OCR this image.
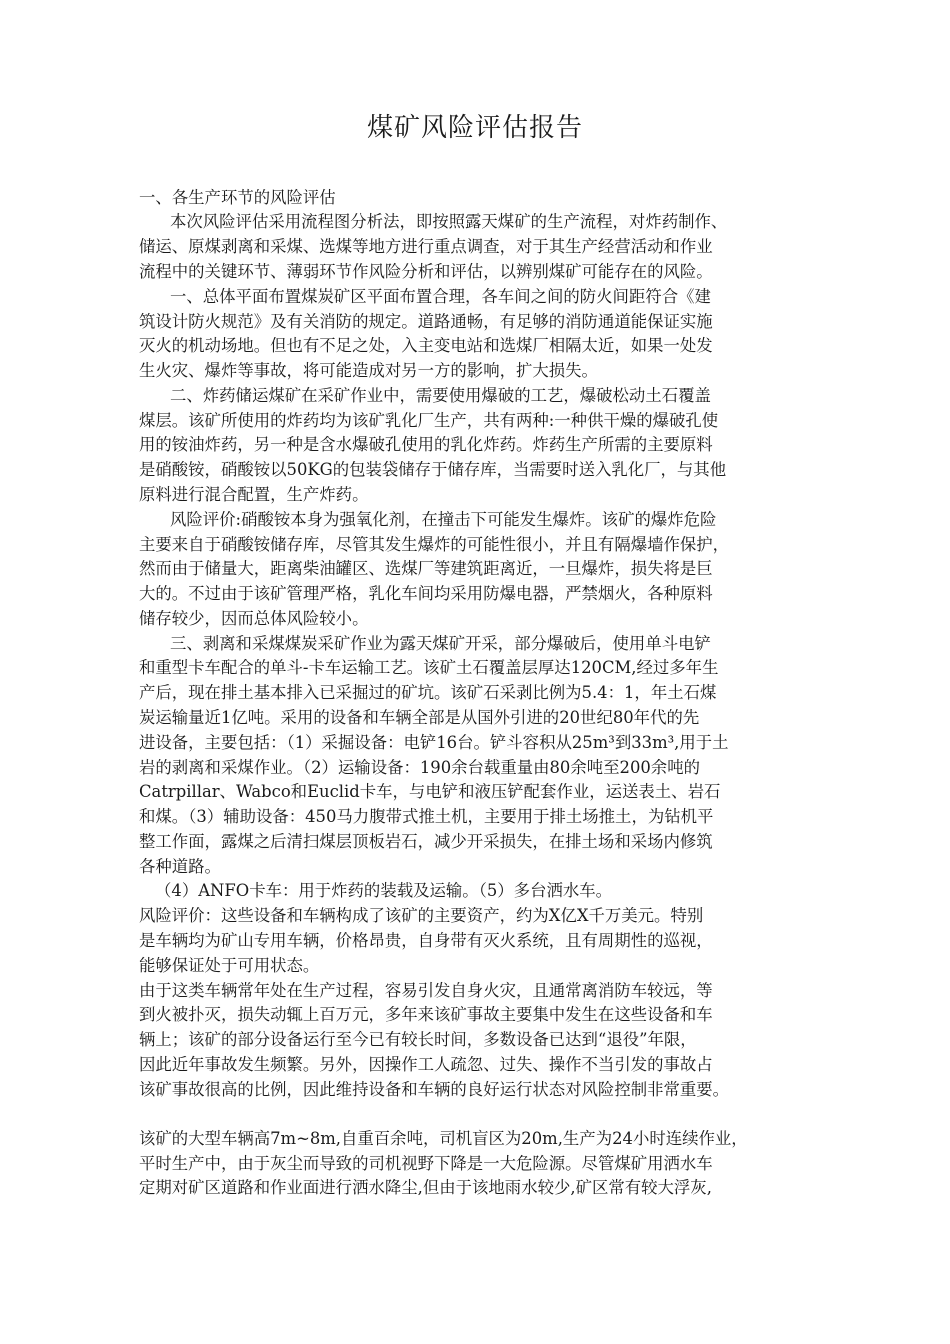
煤矿风险评估报告

一、各生产环节的风险评估

本次风险评估采用流程图分析法，即按照露天煤矿的生产流程，对炸药制作、

储运、原煤剥离和采煤、选煤等地方进行重点调查，对于其生产经营活动和作业

流程中的关键环节、薄弱环节作风险分析和评估，以辨别煤矿可能存在的风险。

一、总体平面布置煤炭矿区平面布置合理，各车间之间的防火间距符合《建

筑设计防火规范》及有关消防的规定。道路通畅，有足够的消防通道能保证实施

灭火的机动场地。但也有不足之处，入主变电站和选煤厂相隔太近，如果一处发

生火灾、爆炸等事故，将可能造成对另一方的影响，扩大损失。

二、炸药储运煤矿在采矿作业中，需要使用爆破的工艺，爆破松动土石覆盖

煤层。该矿所使用的炸药均为该矿乳化厂生产，共有两种:一种供干燥的爆破孔使

用的铵油炸药，另一种是含水爆破孔使用的乳化炸药。炸药生产所需的主要原料

是硝酸铵，硝酸铵以50KG的包装袋储存于储存库，当需要时送入乳化厂，与其他

原料进行混合配置，生产炸药。

风险评价:硝酸铵本身为强氧化剂，在撞击下可能发生爆炸。该矿的爆炸危险

主要来自于硝酸铵储存库，尽管其发生爆炸的可能性很小，并且有隔爆墙作保护，

然而由于储量大，距离柴油罐区、选煤厂等建筑距离近，一旦爆炸，损失将是巨

大的。不过由于该矿管理严格，乳化车间均采用防爆电器，严禁烟火，各种原料

储存较少，因而总体风险较小。

三、剥离和采煤煤炭采矿作业为露天煤矿开采，部分爆破后，使用单斗电铲

和重型卡车配合的单斗-卡车运输工艺。该矿土石覆盖层厚达120CM,经过多年生

产后，现在排土基本排入已采掘过的矿坑。该矿石采剥比例为5.4：1，年土石煤

炭运输量近1亿吨。采用的设备和车辆全部是从国外引进的20世纪80年代的先

进设备，主要包括：（1）采掘设备：电铲16台。铲斗容积从25m³到33m³,用于土

岩的剥离和采煤作业。（2）运输设备：190余台载重量由80余吨至200余吨的

Catrpillar、Wabco和Euclid卡车，与电铲和液压铲配套作业，运送表土、岩石

和煤。（3）辅助设备：450马力腹带式推土机，主要用于排土场推土，为钻机平

整工作面，露煤之后清扫煤层顶板岩石，减少开采损失，在排土场和采场内修筑

各种道路。

（4）ANFO卡车：用于炸药的装载及运输。（5）多台洒水车。

风险评价：这些设备和车辆构成了该矿的主要资产，约为X亿X千万美元。特别

是车辆均为矿山专用车辆，价格昂贵，自身带有灭火系统，且有周期性的巡视，

能够保证处于可用状态。

由于这类车辆常年处在生产过程，容易引发自身火灾，且通常离消防车较远，等

到火被扑灭，损失动辄上百万元，多年来该矿事故主要集中发生在这些设备和车

辆上；该矿的部分设备运行至今已有较长时间，多数设备已达到“退役”年限，

因此近年事故发生频繁。另外，因操作工人疏忽、过失、操作不当引发的事故占

该矿事故很高的比例，因此维持设备和车辆的良好运行状态对风险控制非常重要。

该矿的大型车辆高7m~8m,自重百余吨，司机盲区为20m,生产为24小时连续作业，

平时生产中，由于灰尘而导致的司机视野下降是一大危险源。尽管煤矿用洒水车

定期对矿区道路和作业面进行洒水降尘,但由于该地雨水较少,矿区常有较大浮灰,
